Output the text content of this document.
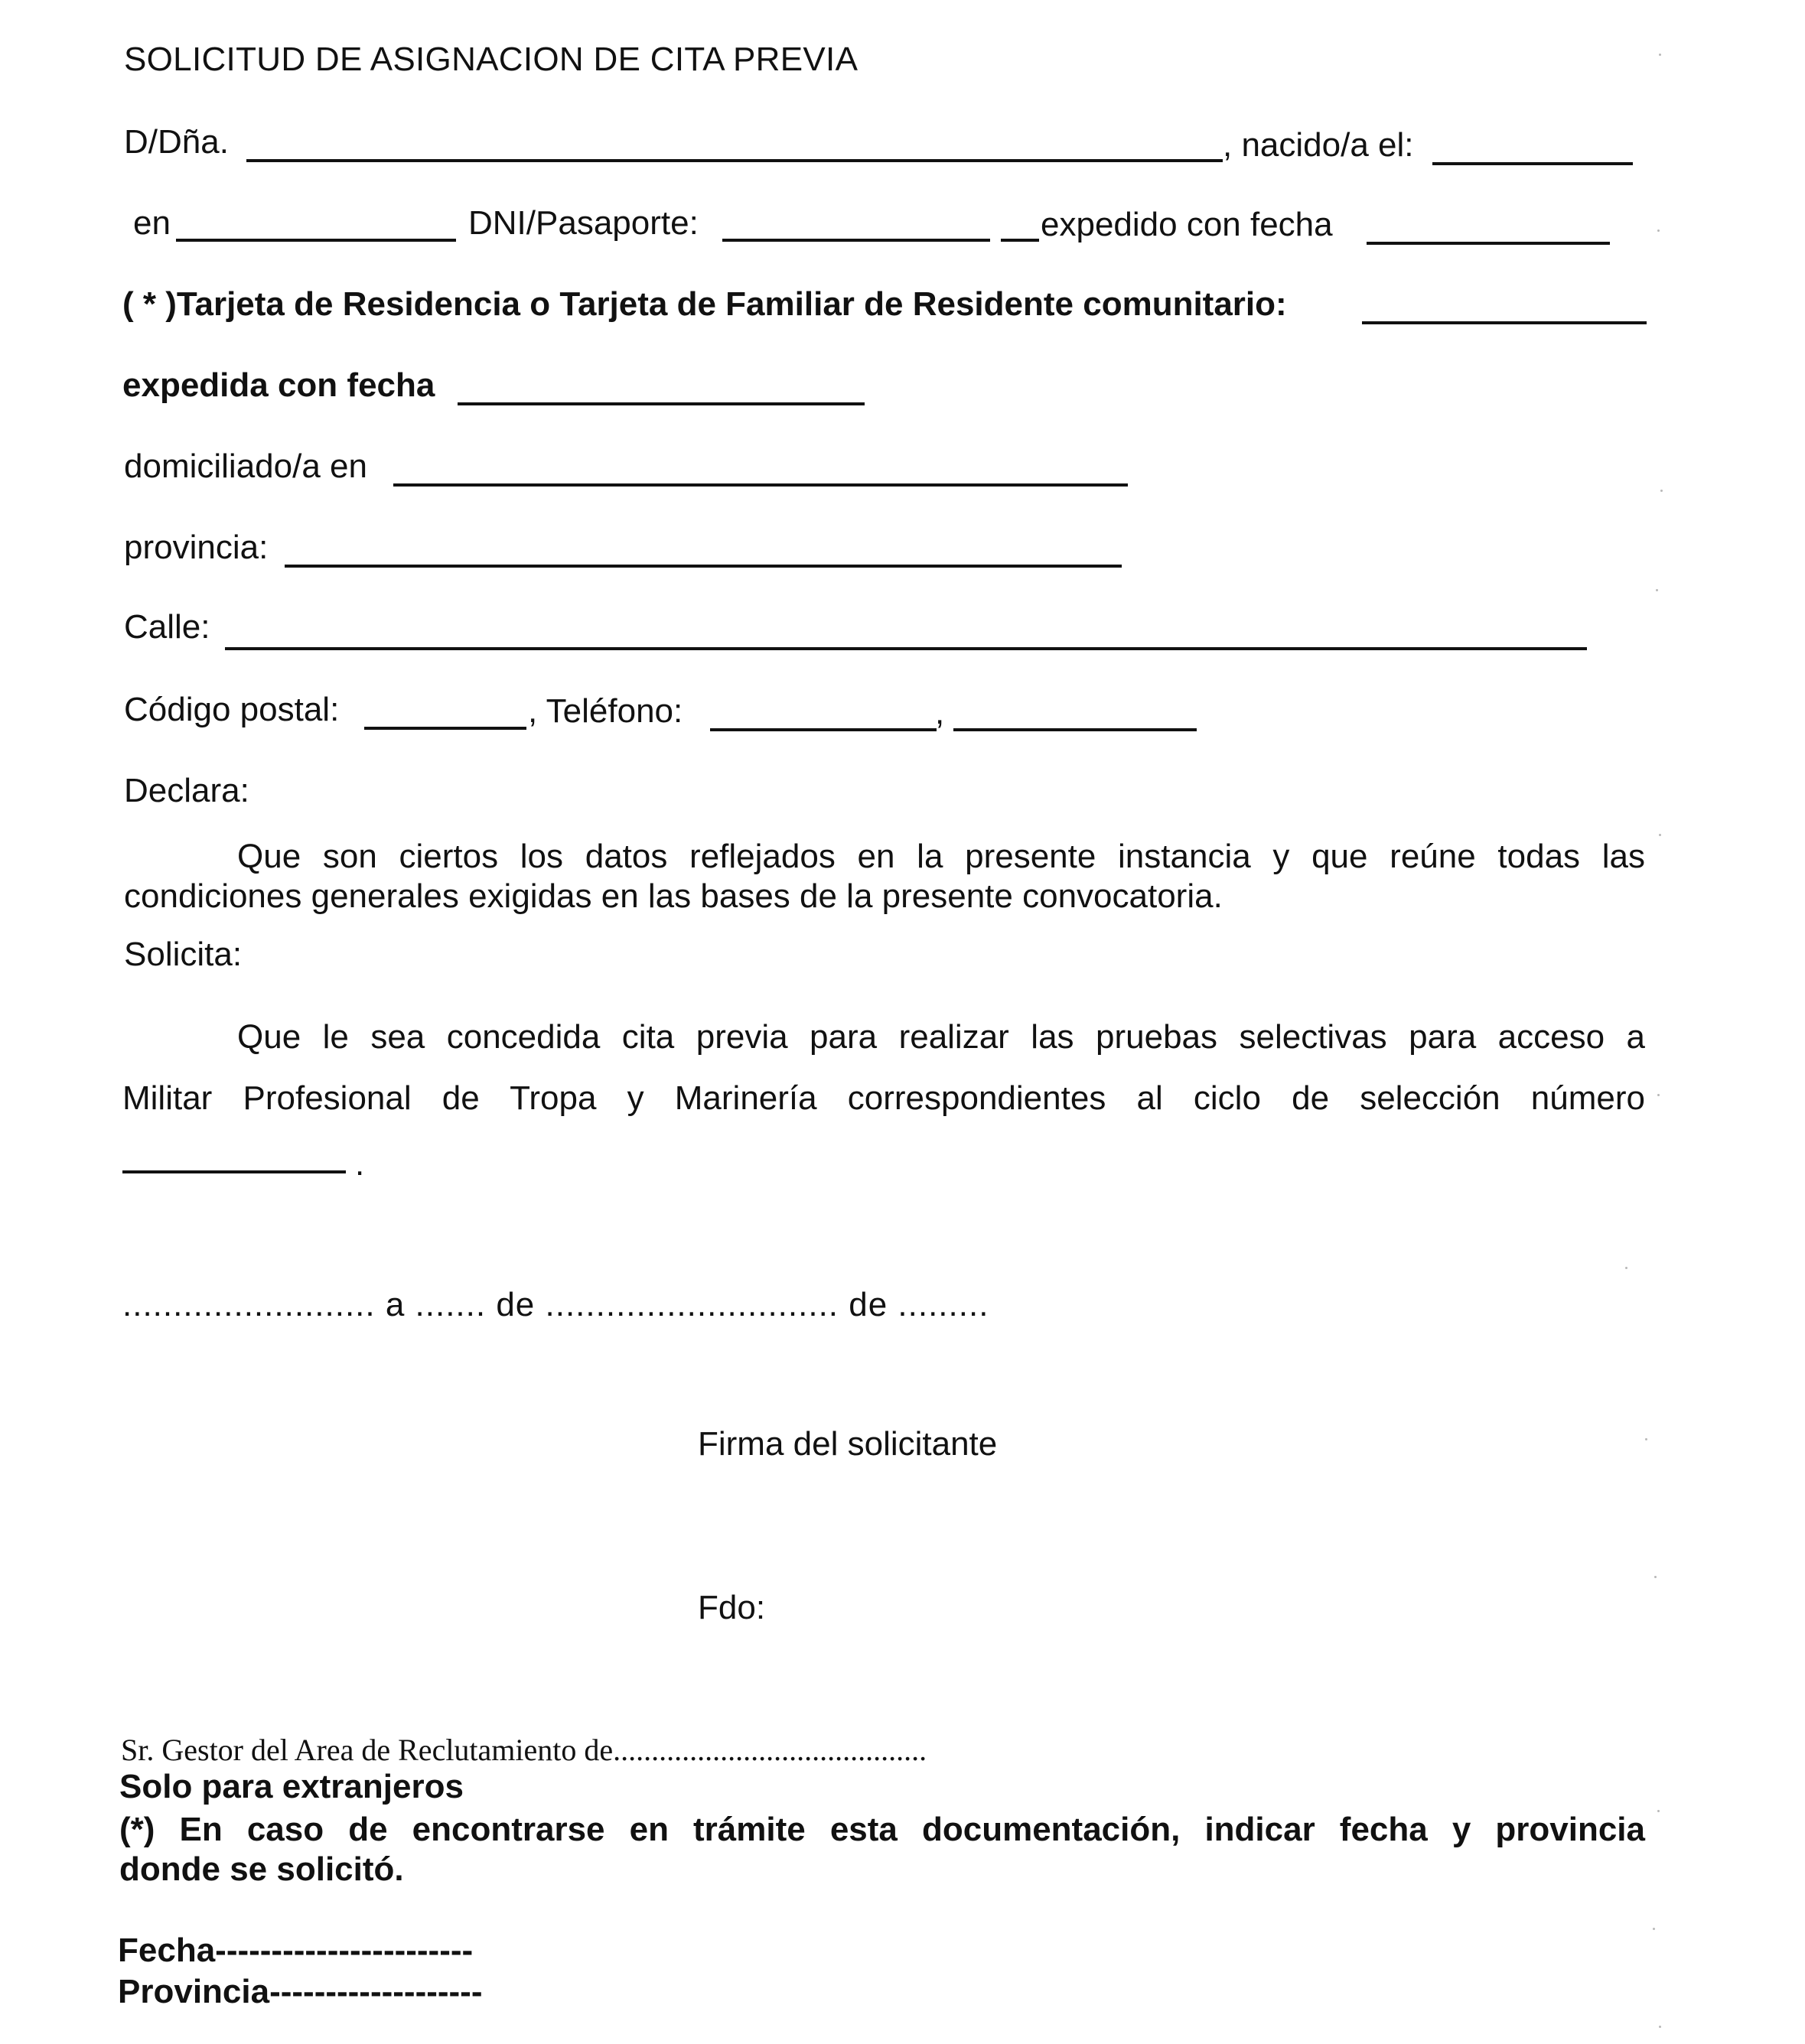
SOLICITUD DE ASIGNACION DE CITA PREVIA
D/Dña.	, nacido/a el:
en	DNI/Pasaporte:	expedido con fecha
( * )Tarjeta de Residencia o Tarjeta de Familiar de Residente comunitario:
expedida con fecha
domiciliado/a en
provincia:
Calle:
Código postal:	, Teléfono:	,
Declara:
Que son ciertos los datos reflejados en la presente instancia y que reúne todas las
condiciones generales exigidas en las bases de la presente convocatoria.
Solicita:
Que le sea concedida cita previa para realizar las pruebas selectivas para acceso a
Militar Profesional de Tropa y Marinería correspondientes al ciclo de selección número
.
......................... a ....... de ............................. de .........
Firma del solicitante
Fdo:
Sr. Gestor del Area de Reclutamiento de.........................................
Solo para extranjeros
(*) En caso de encontrarse en trámite esta documentación, indicar fecha y provincia
donde se solicitó.
Fecha-----------------------
Provincia-------------------
